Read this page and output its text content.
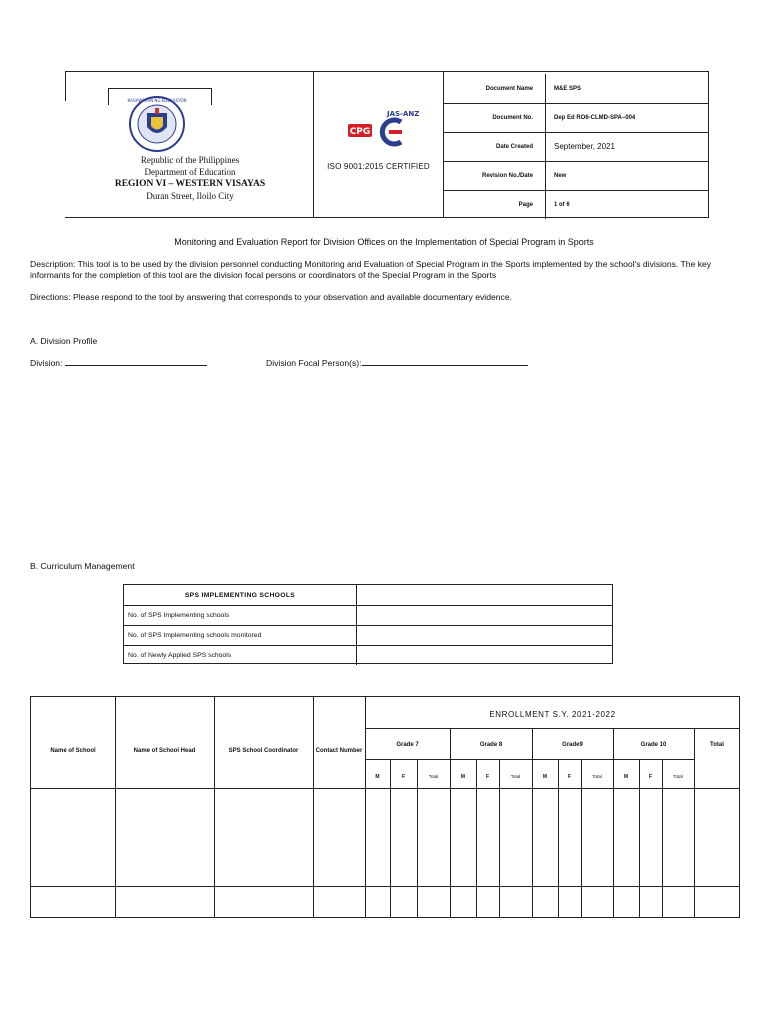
KAGAWARAN NG EDUKASYON
Republic of the Philippines
Department of Education
REGION VI – WESTERN VISAYAS
Duran Street, Iloilo City
JAS-ANZ
CPG
ISO 9001:2015 CERTIFIED
Document Name	M&E SPS
Document No.	Dep Ed RO6-CLMD-SPA–004
Date Created	September, 2021
Revision No./Date	New
Page	1 of 6
Monitoring and Evaluation Report for Division Offices on the Implementation of Special Program in Sports
Description: This tool is to be used by the division personnel conducting Monitoring and Evaluation of Special Program in the Sports implemented by the school's divisions. The key informants for the completion of this tool are the division focal persons or coordinators of the Special Program in the Sports
Directions: Please respond to the tool by answering that corresponds to your observation and available documentary evidence.
A. Division Profile
Division:	Division Focal Person(s):
B. Curriculum Management
SPS IMPLEMENTING SCHOOLS
No. of SPS Implementing schools
No. of SPS Implementing schools monitored
No. of Newly Applied SPS schools
ENROLLMENT S.Y. 2021-2022
Name of School	Name of School Head	SPS School Coordinator	Contact Number
Grade 7	Grade 8	Grade9	Grade 10	Total
M	F	Total	M	F	Total	M	F	Total	M	F	Total
